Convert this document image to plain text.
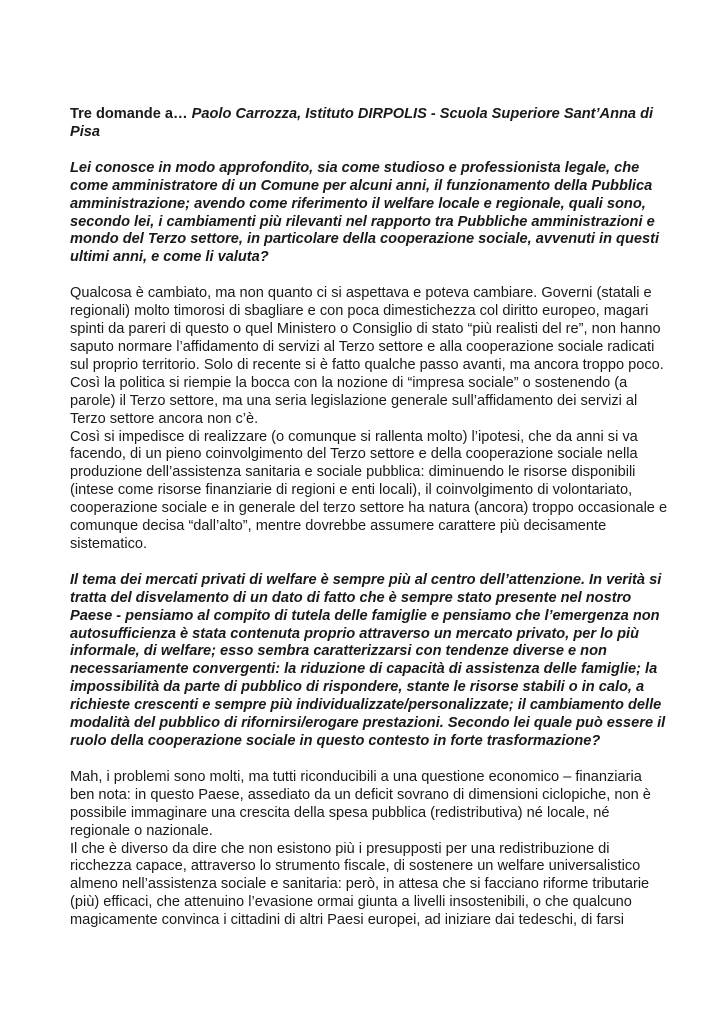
Tre domande a… Paolo Carrozza, Istituto DIRPOLIS - Scuola Superiore Sant’Anna di Pisa

Lei conosce in modo approfondito, sia come studioso e professionista legale, che come amministratore di un Comune per alcuni anni, il funzionamento della Pubblica amministrazione; avendo come riferimento il welfare locale e regionale, quali sono, secondo lei, i cambiamenti più rilevanti nel rapporto tra Pubbliche amministrazioni e mondo del Terzo settore, in particolare della cooperazione sociale, avvenuti in questi ultimi anni, e come li valuta?

Qualcosa è cambiato, ma non quanto ci si aspettava e poteva cambiare. Governi (statali e regionali) molto timorosi di sbagliare e con poca dimestichezza col diritto europeo, magari spinti da pareri di questo o quel Ministero o Consiglio di stato “più realisti del re”, non hanno saputo normare l’affidamento di servizi al Terzo settore e alla cooperazione sociale radicati sul proprio territorio. Solo di recente si è fatto qualche passo avanti, ma ancora troppo poco.
Così la politica si riempie la bocca con la nozione di “impresa sociale” o sostenendo (a parole) il Terzo settore, ma una seria legislazione generale sull’affidamento dei servizi al Terzo settore ancora non c’è.
Così si impedisce di realizzare (o comunque si rallenta molto) l’ipotesi, che da anni si va facendo, di un pieno coinvolgimento del Terzo settore e della cooperazione sociale nella produzione dell’assistenza sanitaria e sociale pubblica: diminuendo le risorse disponibili (intese come risorse finanziarie di regioni e enti locali), il coinvolgimento di volontariato, cooperazione sociale e in generale del terzo settore ha natura (ancora) troppo occasionale e comunque decisa “dall’alto”, mentre dovrebbe assumere carattere più decisamente sistematico.

Il tema dei mercati privati di welfare è sempre più al centro dell’attenzione. In verità si tratta del disvelamento di un dato di fatto che è sempre stato presente nel nostro Paese - pensiamo al compito di tutela delle famiglie e pensiamo che l’emergenza non autosufficienza è stata contenuta proprio attraverso un mercato privato, per lo più informale, di welfare; esso sembra caratterizzarsi con tendenze diverse e non necessariamente convergenti: la riduzione di capacità di assistenza delle famiglie; la impossibilità da parte di pubblico di rispondere, stante le risorse stabili o in calo, a richieste crescenti e sempre più individualizzate/personalizzate; il cambiamento delle modalità del pubblico di rifornirsi/erogare prestazioni. Secondo lei quale può essere il ruolo della cooperazione sociale in questo contesto in forte trasformazione?

Mah, i problemi sono molti, ma tutti riconducibili a una questione economico – finanziaria ben nota: in questo Paese, assediato da un deficit sovrano di dimensioni ciclopiche, non è possibile immaginare una crescita della spesa pubblica (redistributiva) né locale, né regionale o nazionale.
Il che è diverso da dire che non esistono più i presupposti per una redistribuzione di ricchezza capace, attraverso lo strumento fiscale, di sostenere un welfare universalistico almeno nell’assistenza sociale e sanitaria: però, in attesa che si facciano riforme tributarie (più) efficaci, che attenuino l’evasione ormai giunta a livelli insostenibili, o che qualcuno magicamente convinca i cittadini di altri Paesi europei, ad iniziare dai tedeschi, di farsi
